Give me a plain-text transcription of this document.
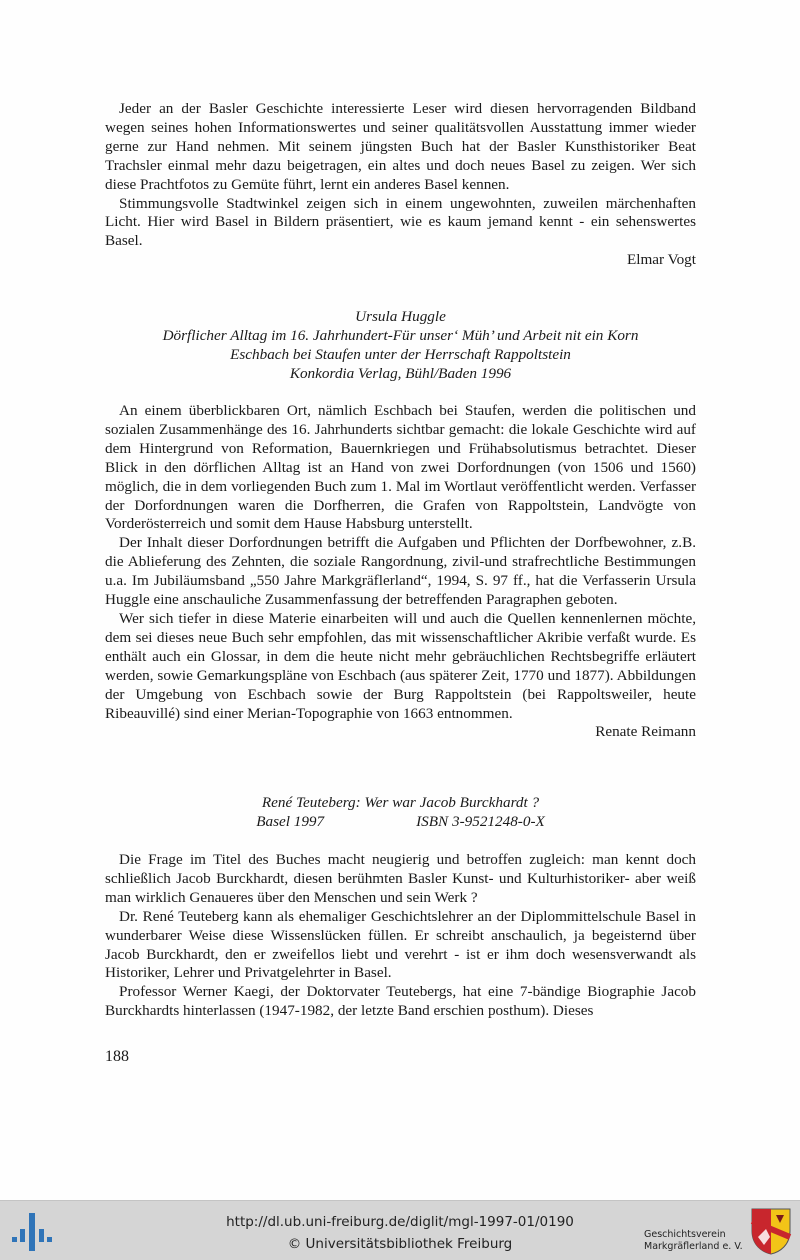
Jeder an der Basler Geschichte interessierte Leser wird diesen hervorragenden Bildband wegen seines hohen Informationswertes und seiner qualitätsvollen Ausstattung immer wieder gerne zur Hand nehmen. Mit seinem jüngsten Buch hat der Basler Kunsthistoriker Beat Trachsler einmal mehr dazu beigetragen, ein altes und doch neues Basel zu zeigen. Wer sich diese Prachtfotos zu Gemüte führt, lernt ein anderes Basel kennen.

Stimmungsvolle Stadtwinkel zeigen sich in einem ungewohnten, zuweilen märchenhaften Licht. Hier wird Basel in Bildern präsentiert, wie es kaum jemand kennt - ein sehenswertes Basel.

Elmar Vogt
Ursula Huggle
Dörflicher Alltag im 16. Jahrhundert-Für unser‘ Müh’ und Arbeit nit ein Korn
Eschbach bei Staufen unter der Herrschaft Rappoltstein
Konkordia Verlag, Bühl/Baden 1996

An einem überblickbaren Ort, nämlich Eschbach bei Staufen, werden die politischen und sozialen Zusammenhänge des 16. Jahrhunderts sichtbar gemacht: die lokale Geschichte wird auf dem Hintergrund von Reformation, Bauernkriegen und Frühabsolutismus betrachtet. Dieser Blick in den dörflichen Alltag ist an Hand von zwei Dorfordnungen (von 1506 und 1560) möglich, die in dem vorliegenden Buch zum 1. Mal im Wortlaut veröffentlicht werden. Verfasser der Dorfordnungen waren die Dorfherren, die Grafen von Rappoltstein, Landvögte von Vorderösterreich und somit dem Hause Habsburg unterstellt.

Der Inhalt dieser Dorfordnungen betrifft die Aufgaben und Pflichten der Dorfbewohner, z.B. die Ablieferung des Zehnten, die soziale Rangordnung, zivil-und strafrechtliche Bestimmungen u.a. Im Jubiläumsband „550 Jahre Markgräflerland“, 1994, S. 97 ff., hat die Verfasserin Ursula Huggle eine anschauliche Zusammenfassung der betreffenden Paragraphen geboten.

Wer sich tiefer in diese Materie einarbeiten will und auch die Quellen kennenlernen möchte, dem sei dieses neue Buch sehr empfohlen, das mit wissenschaftlicher Akribie verfaßt wurde. Es enthält auch ein Glossar, in dem die heute nicht mehr gebräuchlichen Rechtsbegriffe erläutert werden, sowie Gemarkungspläne von Eschbach (aus späterer Zeit, 1770 und 1877). Abbildungen der Umgebung von Eschbach sowie der Burg Rappoltstein (bei Rappoltsweiler, heute Ribeauvillé) sind einer Merian-Topographie von 1663 entnommen.

Renate Reimann
René Teuteberg: Wer war Jacob Burckhardt ?
Basel 1997	ISBN 3-9521248-0-X

Die Frage im Titel des Buches macht neugierig und betroffen zugleich: man kennt doch schließlich Jacob Burckhardt, diesen berühmten Basler Kunst- und Kulturhistoriker- aber weiß man wirklich Genaueres über den Menschen und sein Werk ?

Dr. René Teuteberg kann als ehemaliger Geschichtslehrer an der Diplommittelschule Basel in wunderbarer Weise diese Wissenslücken füllen. Er schreibt anschaulich, ja begeisternd über Jacob Burckhardt, den er zweifellos liebt und verehrt - ist er ihm doch wesensverwandt als Historiker, Lehrer und Privatgelehrter in Basel.

Professor Werner Kaegi, der Doktorvater Teutebergs, hat eine 7-bändige Biographie Jacob Burckhardts hinterlassen (1947-1982, der letzte Band erschien posthum). Dieses

188
http://dl.ub.uni-freiburg.de/diglit/mgl-1997-01/0190
© Universitätsbibliothek Freiburg
Geschichtsverein
Markgräflerland e. V.
